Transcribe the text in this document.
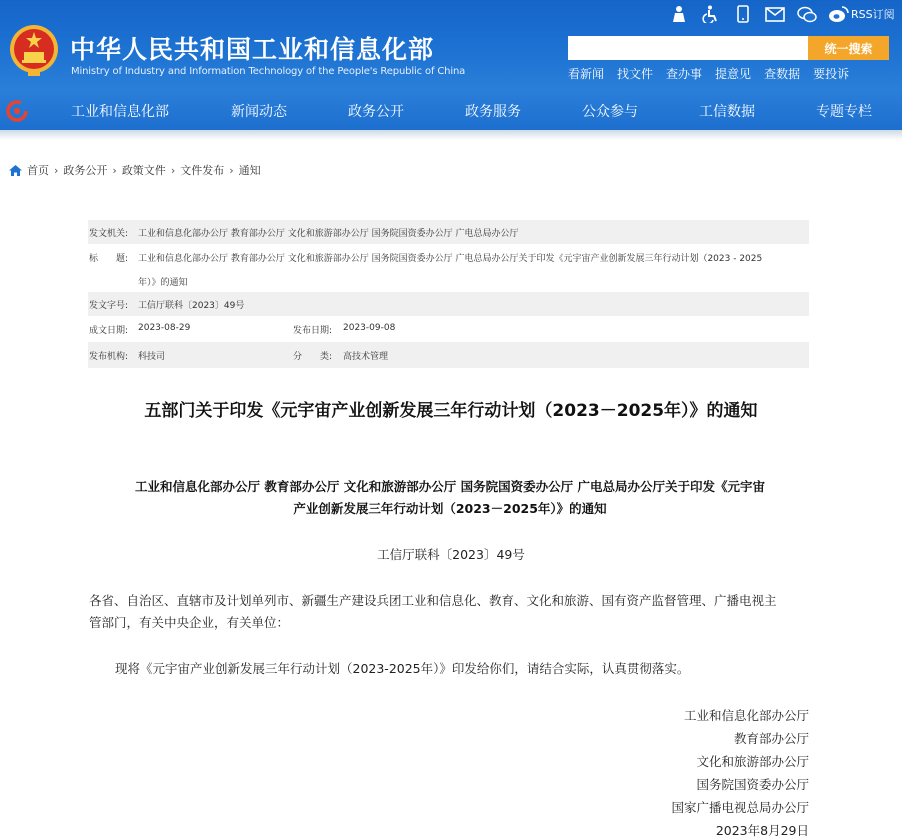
中华人民共和国工业和信息化部
Ministry of Industry and Information Technology of the People's Republic of China
RSS订阅
统一搜索
看新闻 找文件 查办事 提意见 查数据 要投诉
工业和信息化部	新闻动态	政务公开	政务服务	公众参与	工信数据	专题专栏
首页 › 政务公开 › 政策文件 › 文件发布 › 通知
发文机关: 工业和信息化部办公厅 教育部办公厅 文化和旅游部办公厅 国务院国资委办公厅 广电总局办公厅
标　　题: 工业和信息化部办公厅 教育部办公厅 文化和旅游部办公厅 国务院国资委办公厅 广电总局办公厅关于印发《元宇宙产业创新发展三年行动计划（2023 - 2025
年）》的通知
发文字号: 工信厅联科〔2023〕49号
成文日期: 2023-08-29	发布日期: 2023-09-08
发布机构: 科技司	分　　类: 高技术管理
五部门关于印发《元宇宙产业创新发展三年行动计划（2023－2025年）》的通知
工业和信息化部办公厅 教育部办公厅 文化和旅游部办公厅 国务院国资委办公厅 广电总局办公厅关于印发《元宇宙
产业创新发展三年行动计划（2023－2025年）》的通知
工信厅联科〔2023〕49号
各省、自治区、直辖市及计划单列市、新疆生产建设兵团工业和信息化、教育、文化和旅游、国有资产监督管理、广播电视主
管部门，有关中央企业，有关单位：
现将《元宇宙产业创新发展三年行动计划（2023-2025年）》印发给你们，请结合实际，认真贯彻落实。
工业和信息化部办公厅
教育部办公厅
文化和旅游部办公厅
国务院国资委办公厅
国家广播电视总局办公厅
2023年8月29日
